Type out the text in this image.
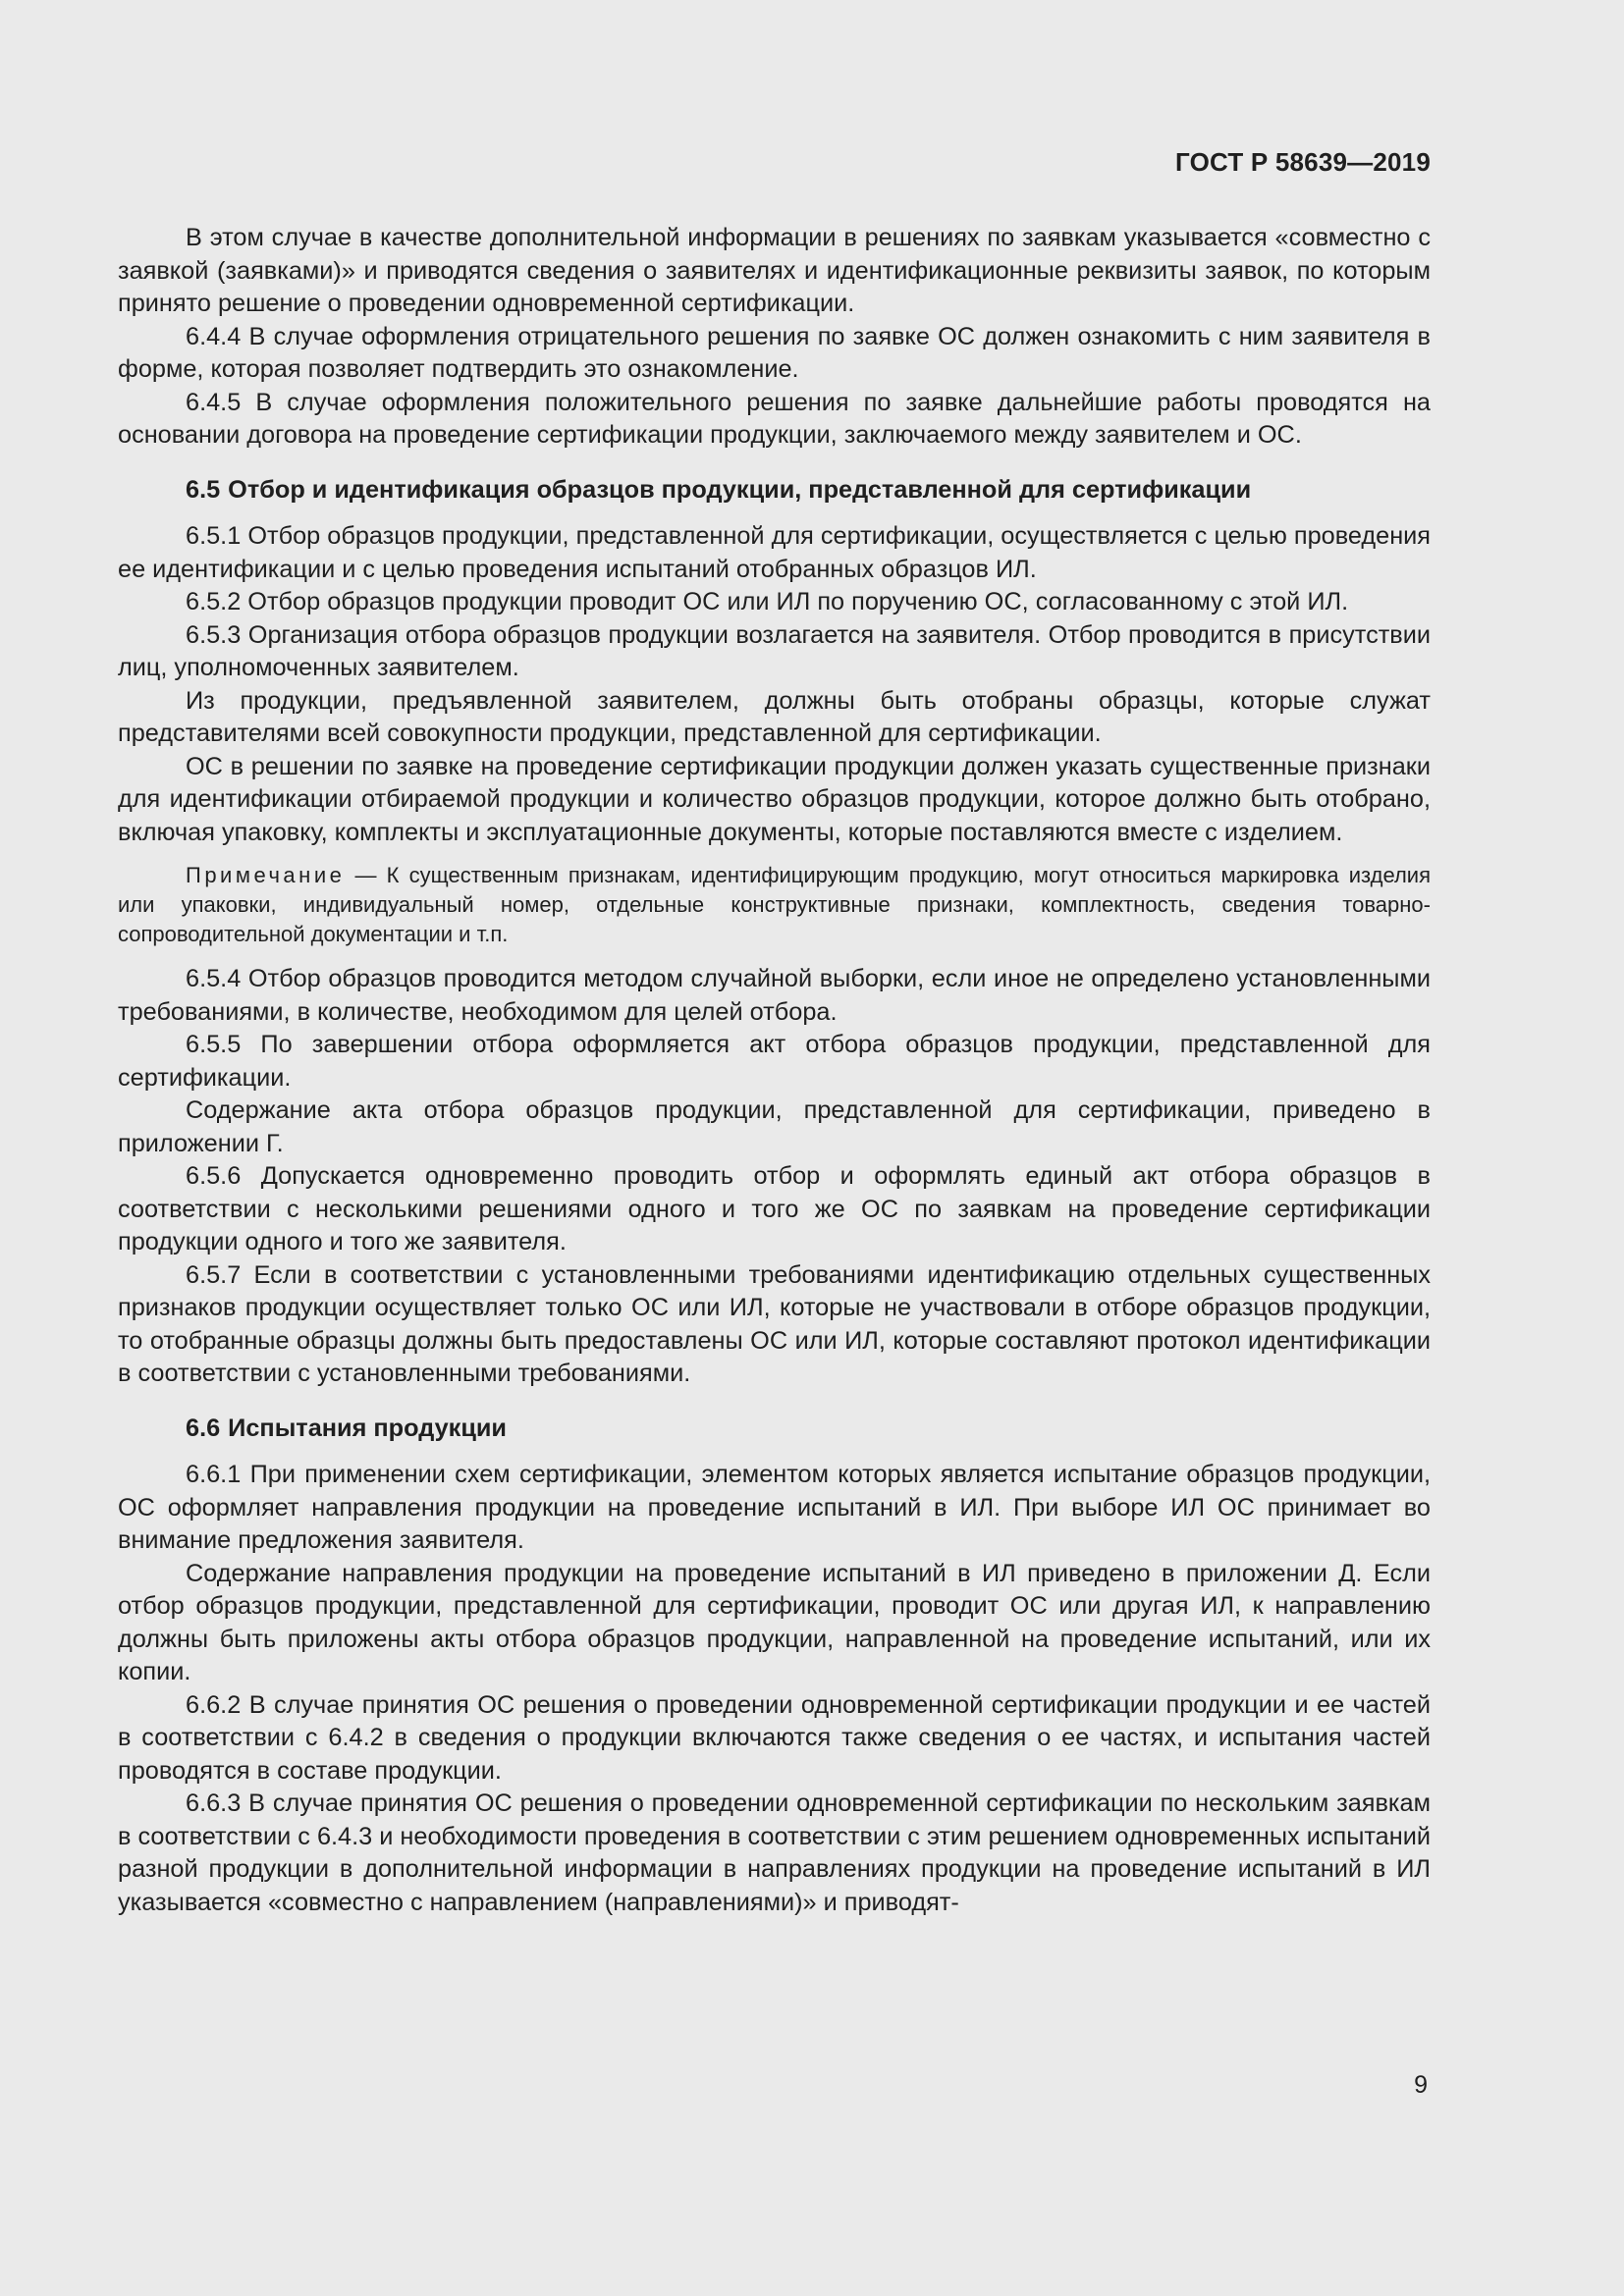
ГОСТ Р 58639—2019

В этом случае в качестве дополнительной информации в решениях по заявкам указывается «совместно с заявкой (заявками)» и приводятся сведения о заявителях и идентификационные реквизиты заявок, по которым принято решение о проведении одновременной сертификации.

6.4.4 В случае оформления отрицательного решения по заявке ОС должен ознакомить с ним заявителя в форме, которая позволяет подтвердить это ознакомление.

6.4.5 В случае оформления положительного решения по заявке дальнейшие работы проводятся на основании договора на проведение сертификации продукции, заключаемого между заявителем и ОС.

6.5 Отбор и идентификация образцов продукции, представленной для сертификации

6.5.1 Отбор образцов продукции, представленной для сертификации, осуществляется с целью проведения ее идентификации и с целью проведения испытаний отобранных образцов ИЛ.

6.5.2 Отбор образцов продукции проводит ОС или ИЛ по поручению ОС, согласованному с этой ИЛ.

6.5.3 Организация отбора образцов продукции возлагается на заявителя. Отбор проводится в присутствии лиц, уполномоченных заявителем.

Из продукции, предъявленной заявителем, должны быть отобраны образцы, которые служат представителями всей совокупности продукции, представленной для сертификации.

ОС в решении по заявке на проведение сертификации продукции должен указать существенные признаки для идентификации отбираемой продукции и количество образцов продукции, которое должно быть отобрано, включая упаковку, комплекты и эксплуатационные документы, которые поставляются вместе с изделием.

Примечание — К существенным признакам, идентифицирующим продукцию, могут относиться маркировка изделия или упаковки, индивидуальный номер, отдельные конструктивные признаки, комплектность, сведения товарно-сопроводительной документации и т.п.

6.5.4 Отбор образцов проводится методом случайной выборки, если иное не определено установленными требованиями, в количестве, необходимом для целей отбора.

6.5.5 По завершении отбора оформляется акт отбора образцов продукции, представленной для сертификации.

Содержание акта отбора образцов продукции, представленной для сертификации, приведено в приложении Г.

6.5.6 Допускается одновременно проводить отбор и оформлять единый акт отбора образцов в соответствии с несколькими решениями одного и того же ОС по заявкам на проведение сертификации продукции одного и того же заявителя.

6.5.7 Если в соответствии с установленными требованиями идентификацию отдельных существенных признаков продукции осуществляет только ОС или ИЛ, которые не участвовали в отборе образцов продукции, то отобранные образцы должны быть предоставлены ОС или ИЛ, которые составляют протокол идентификации в соответствии с установленными требованиями.

6.6 Испытания продукции

6.6.1 При применении схем сертификации, элементом которых является испытание образцов продукции, ОС оформляет направления продукции на проведение испытаний в ИЛ. При выборе ИЛ ОС принимает во внимание предложения заявителя.

Содержание направления продукции на проведение испытаний в ИЛ приведено в приложении Д. Если отбор образцов продукции, представленной для сертификации, проводит ОС или другая ИЛ, к направлению должны быть приложены акты отбора образцов продукции, направленной на проведение испытаний, или их копии.

6.6.2 В случае принятия ОС решения о проведении одновременной сертификации продукции и ее частей в соответствии с 6.4.2 в сведения о продукции включаются также сведения о ее частях, и испытания частей проводятся в составе продукции.

6.6.3 В случае принятия ОС решения о проведении одновременной сертификации по нескольким заявкам в соответствии с 6.4.3 и необходимости проведения в соответствии с этим решением одновременных испытаний разной продукции в дополнительной информации в направлениях продукции на проведение испытаний в ИЛ указывается «совместно с направлением (направлениями)» и приводят-

9
